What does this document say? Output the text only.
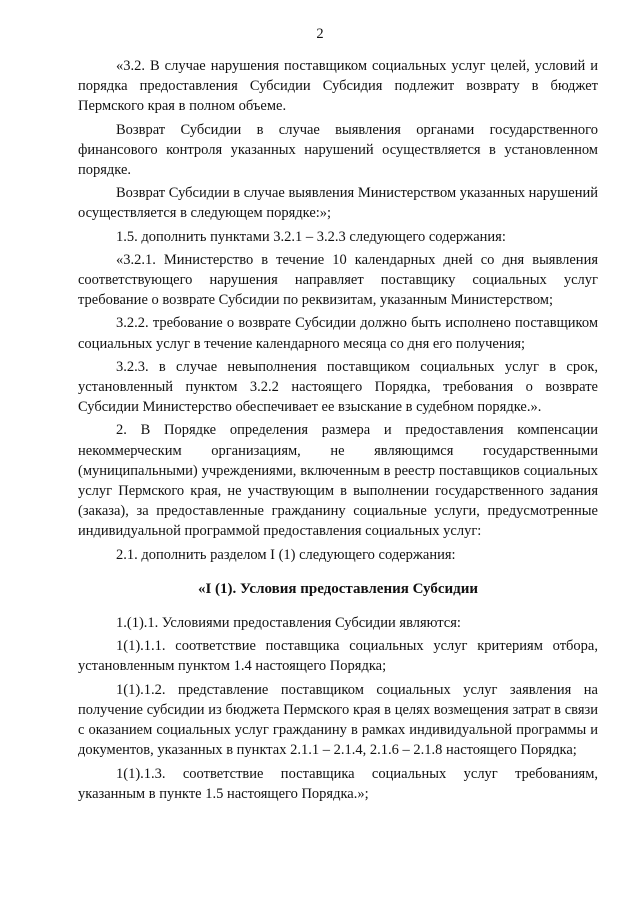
2

«3.2. В случае нарушения поставщиком социальных услуг целей, условий и порядка предоставления Субсидии Субсидия подлежит возврату в бюджет Пермского края в полном объеме.

Возврат Субсидии в случае выявления органами государственного финансового контроля указанных нарушений осуществляется в установленном порядке.

Возврат Субсидии в случае выявления Министерством указанных нарушений осуществляется в следующем порядке:»;

1.5. дополнить пунктами 3.2.1 – 3.2.3 следующего содержания:

«3.2.1. Министерство в течение 10 календарных дней со дня выявления соответствующего нарушения направляет поставщику социальных услуг требование о возврате Субсидии по реквизитам, указанным Министерством;

3.2.2. требование о возврате Субсидии должно быть исполнено поставщиком социальных услуг в течение календарного месяца со дня его получения;

3.2.3. в случае невыполнения поставщиком социальных услуг в срок, установленный пунктом 3.2.2 настоящего Порядка, требования о возврате Субсидии Министерство обеспечивает ее взыскание в судебном порядке.».

2. В Порядке определения размера и предоставления компенсации некоммерческим организациям, не являющимся государственными (муниципальными) учреждениями, включенным в реестр поставщиков социальных услуг Пермского края, не участвующим в выполнении государственного задания (заказа), за предоставленные гражданину социальные услуги, предусмотренные индивидуальной программой предоставления социальных услуг:

2.1. дополнить разделом I (1) следующего содержания:

«I (1). Условия предоставления Субсидии

1.(1).1. Условиями предоставления Субсидии являются:

1(1).1.1. соответствие поставщика социальных услуг критериям отбора, установленным пунктом 1.4 настоящего Порядка;

1(1).1.2. представление поставщиком социальных услуг заявления на получение субсидии из бюджета Пермского края в целях возмещения затрат в связи с оказанием социальных услуг гражданину в рамках индивидуальной программы и документов, указанных в пунктах 2.1.1 – 2.1.4, 2.1.6 – 2.1.8 настоящего Порядка;

1(1).1.3. соответствие поставщика социальных услуг требованиям, указанным в пункте 1.5 настоящего Порядка.»;
